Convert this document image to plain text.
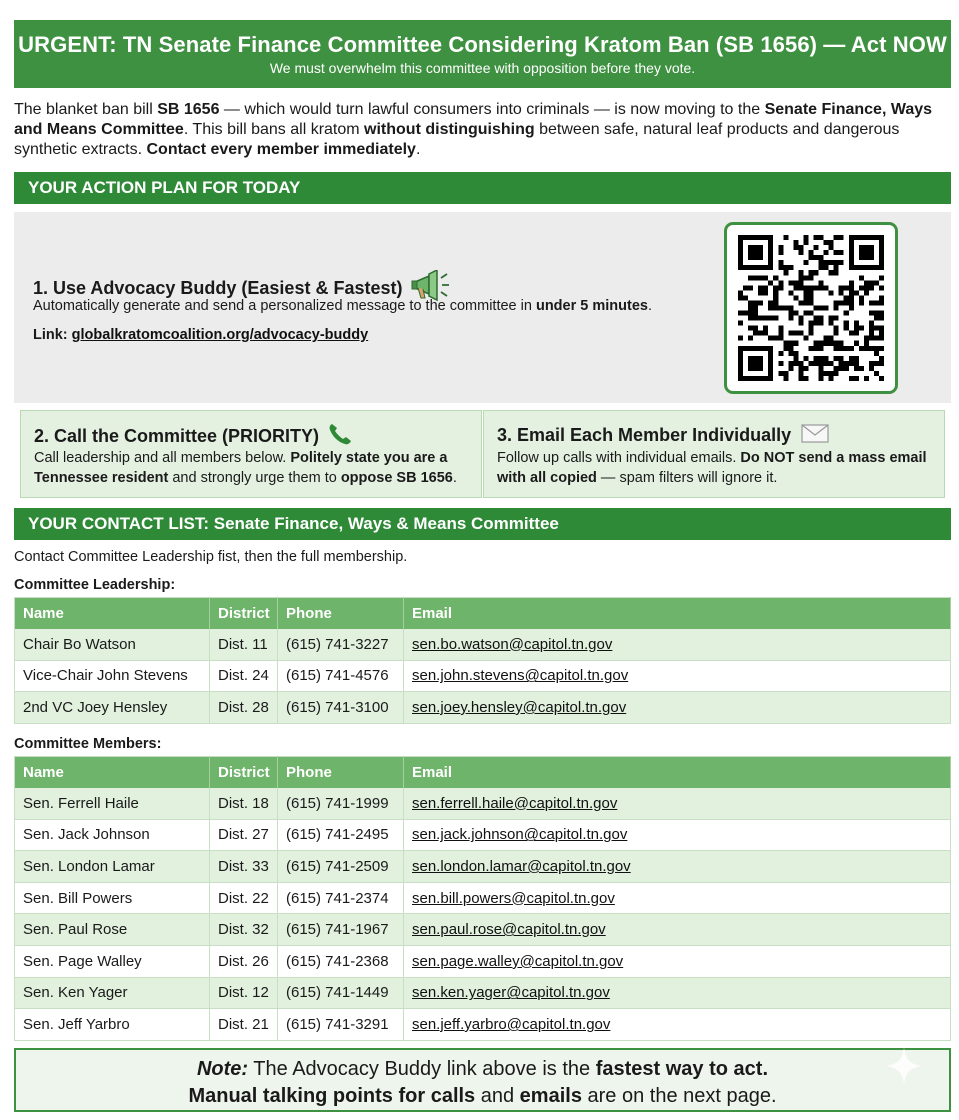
URGENT: TN Senate Finance Committee Considering Kratom Ban (SB 1656) — Act NOW
We must overwhelm this committee with opposition before they vote.
The blanket ban bill SB 1656 — which would turn lawful consumers into criminals — is now moving to the Senate Finance, Ways and Means Committee. This bill bans all kratom without distinguishing between safe, natural leaf products and dangerous synthetic extracts. Contact every member immediately.
YOUR ACTION PLAN FOR TODAY
1. Use Advocacy Buddy (Easiest & Fastest)
Automatically generate and send a personalized message to the committee in under 5 minutes.
Link: globalkratomcoalition.org/advocacy-buddy
2. Call the Committee (PRIORITY)
Call leadership and all members below. Politely state you are a Tennessee resident and strongly urge them to oppose SB 1656.
3. Email Each Member Individually
Follow up calls with individual emails. Do NOT send a mass email with all copied — spam filters will ignore it.
YOUR CONTACT LIST: Senate Finance, Ways & Means Committee
Contact Committee Leadership fist, then the full membership.
Committee Leadership:
Name	District	Phone	Email
Chair Bo Watson	Dist. 11	(615) 741-3227	sen.bo.watson@capitol.tn.gov
Vice-Chair John Stevens	Dist. 24	(615) 741-4576	sen.john.stevens@capitol.tn.gov
2nd VC Joey Hensley	Dist. 28	(615) 741-3100	sen.joey.hensley@capitol.tn.gov
Committee Members:
Name	District	Phone	Email
Sen. Ferrell Haile	Dist. 18	(615) 741-1999	sen.ferrell.haile@capitol.tn.gov
Sen. Jack Johnson	Dist. 27	(615) 741-2495	sen.jack.johnson@capitol.tn.gov
Sen. London Lamar	Dist. 33	(615) 741-2509	sen.london.lamar@capitol.tn.gov
Sen. Bill Powers	Dist. 22	(615) 741-2374	sen.bill.powers@capitol.tn.gov
Sen. Paul Rose	Dist. 32	(615) 741-1967	sen.paul.rose@capitol.tn.gov
Sen. Page Walley	Dist. 26	(615) 741-2368	sen.page.walley@capitol.tn.gov
Sen. Ken Yager	Dist. 12	(615) 741-1449	sen.ken.yager@capitol.tn.gov
Sen. Jeff Yarbro	Dist. 21	(615) 741-3291	sen.jeff.yarbro@capitol.tn.gov
Note: The Advocacy Buddy link above is the fastest way to act.
Manual talking points for calls and emails are on the next page.
